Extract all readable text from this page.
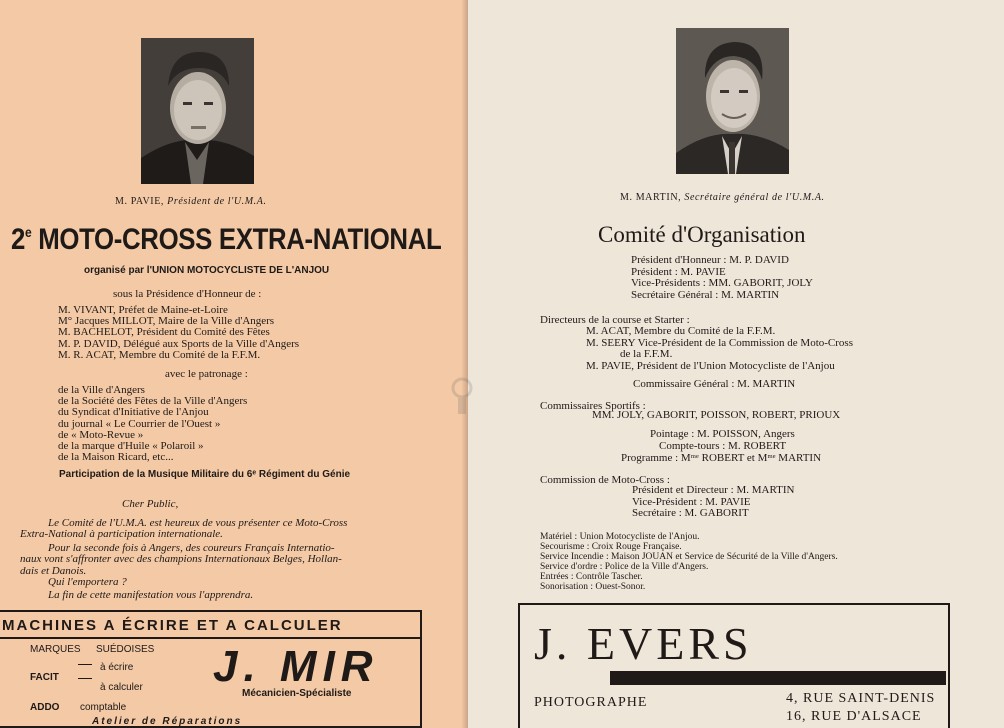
M. PAVIE, Président de l'U.M.A.
2e MOTO-CROSS EXTRA-NATIONAL
organisé par l'UNION MOTOCYCLISTE DE L'ANJOU
sous la Présidence d'Honneur de :
M. VIVANT, Préfet de Maine-et-Loire
M° Jacques MILLOT, Maire de la Ville d'Angers
M. BACHELOT, Président du Comité des Fêtes
M. P. DAVID, Délégué aux Sports de la Ville d'Angers
M. R. ACAT, Membre du Comité de la F.F.M.
avec le patronage :
de la Ville d'Angers
de la Société des Fêtes de la Ville d'Angers
du Syndicat d'Initiative de l'Anjou
du journal « Le Courrier de l'Ouest »
de « Moto-Revue »
de la marque d'Huile « Polaroil »
de la Maison Ricard, etc...
Participation de la Musique Militaire du 6ᵉ Régiment du Génie
Cher Public,
Le Comité de l'U.M.A. est heureux de vous présenter ce Moto-Cross
Extra-National à participation internationale.
Pour la seconde fois à Angers, des coureurs Français Internatio-
naux vont s'affronter avec des champions Internationaux Belges, Hollan-
dais et Danois.
Qui l'emportera ?
La fin de cette manifestation vous l'apprendra.
MACHINES A ÉCRIRE ET A CALCULER
MARQUES SUÉDOISES
à écrire
FACIT
à calculer
ADDO comptable
Atelier de Réparations
J. MIR
Mécanicien-Spécialiste
M. MARTIN, Secrétaire général de l'U.M.A.
Comité d'Organisation
Président d'Honneur : M. P. DAVID
Président : M. PAVIE
Vice-Présidents : MM. GABORIT, JOLY
Secrétaire Général : M. MARTIN
Directeurs de la course et Starter :
M. ACAT, Membre du Comité de la F.F.M.
M. SEERY Vice-Président de la Commission de Moto-Cross
de la F.F.M.
M. PAVIE, Président de l'Union Motocycliste de l'Anjou
Commissaire Général : M. MARTIN
Commissaires Sportifs :
MM. JOLY, GABORIT, POISSON, ROBERT, PRIOUX
Pointage : M. POISSON, Angers
Compte-tours : M. ROBERT
Programme : Mᵐᵉ ROBERT et Mᵐᵉ MARTIN
Commission de Moto-Cross :
Président et Directeur : M. MARTIN
Vice-Président : M. PAVIE
Secrétaire : M. GABORIT
Matériel : Union Motocycliste de l'Anjou.
Secourisme : Croix Rouge Française.
Service Incendie : Maison JOUAN et Service de Sécurité de la Ville d'Angers.
Service d'ordre : Police de la Ville d'Angers.
Entrées : Contrôle Tascher.
Sonorisation : Ouest-Sonor.
J. EVERS
PHOTOGRAPHE	4, RUE SAINT-DENIS
16, RUE D'ALSACE
